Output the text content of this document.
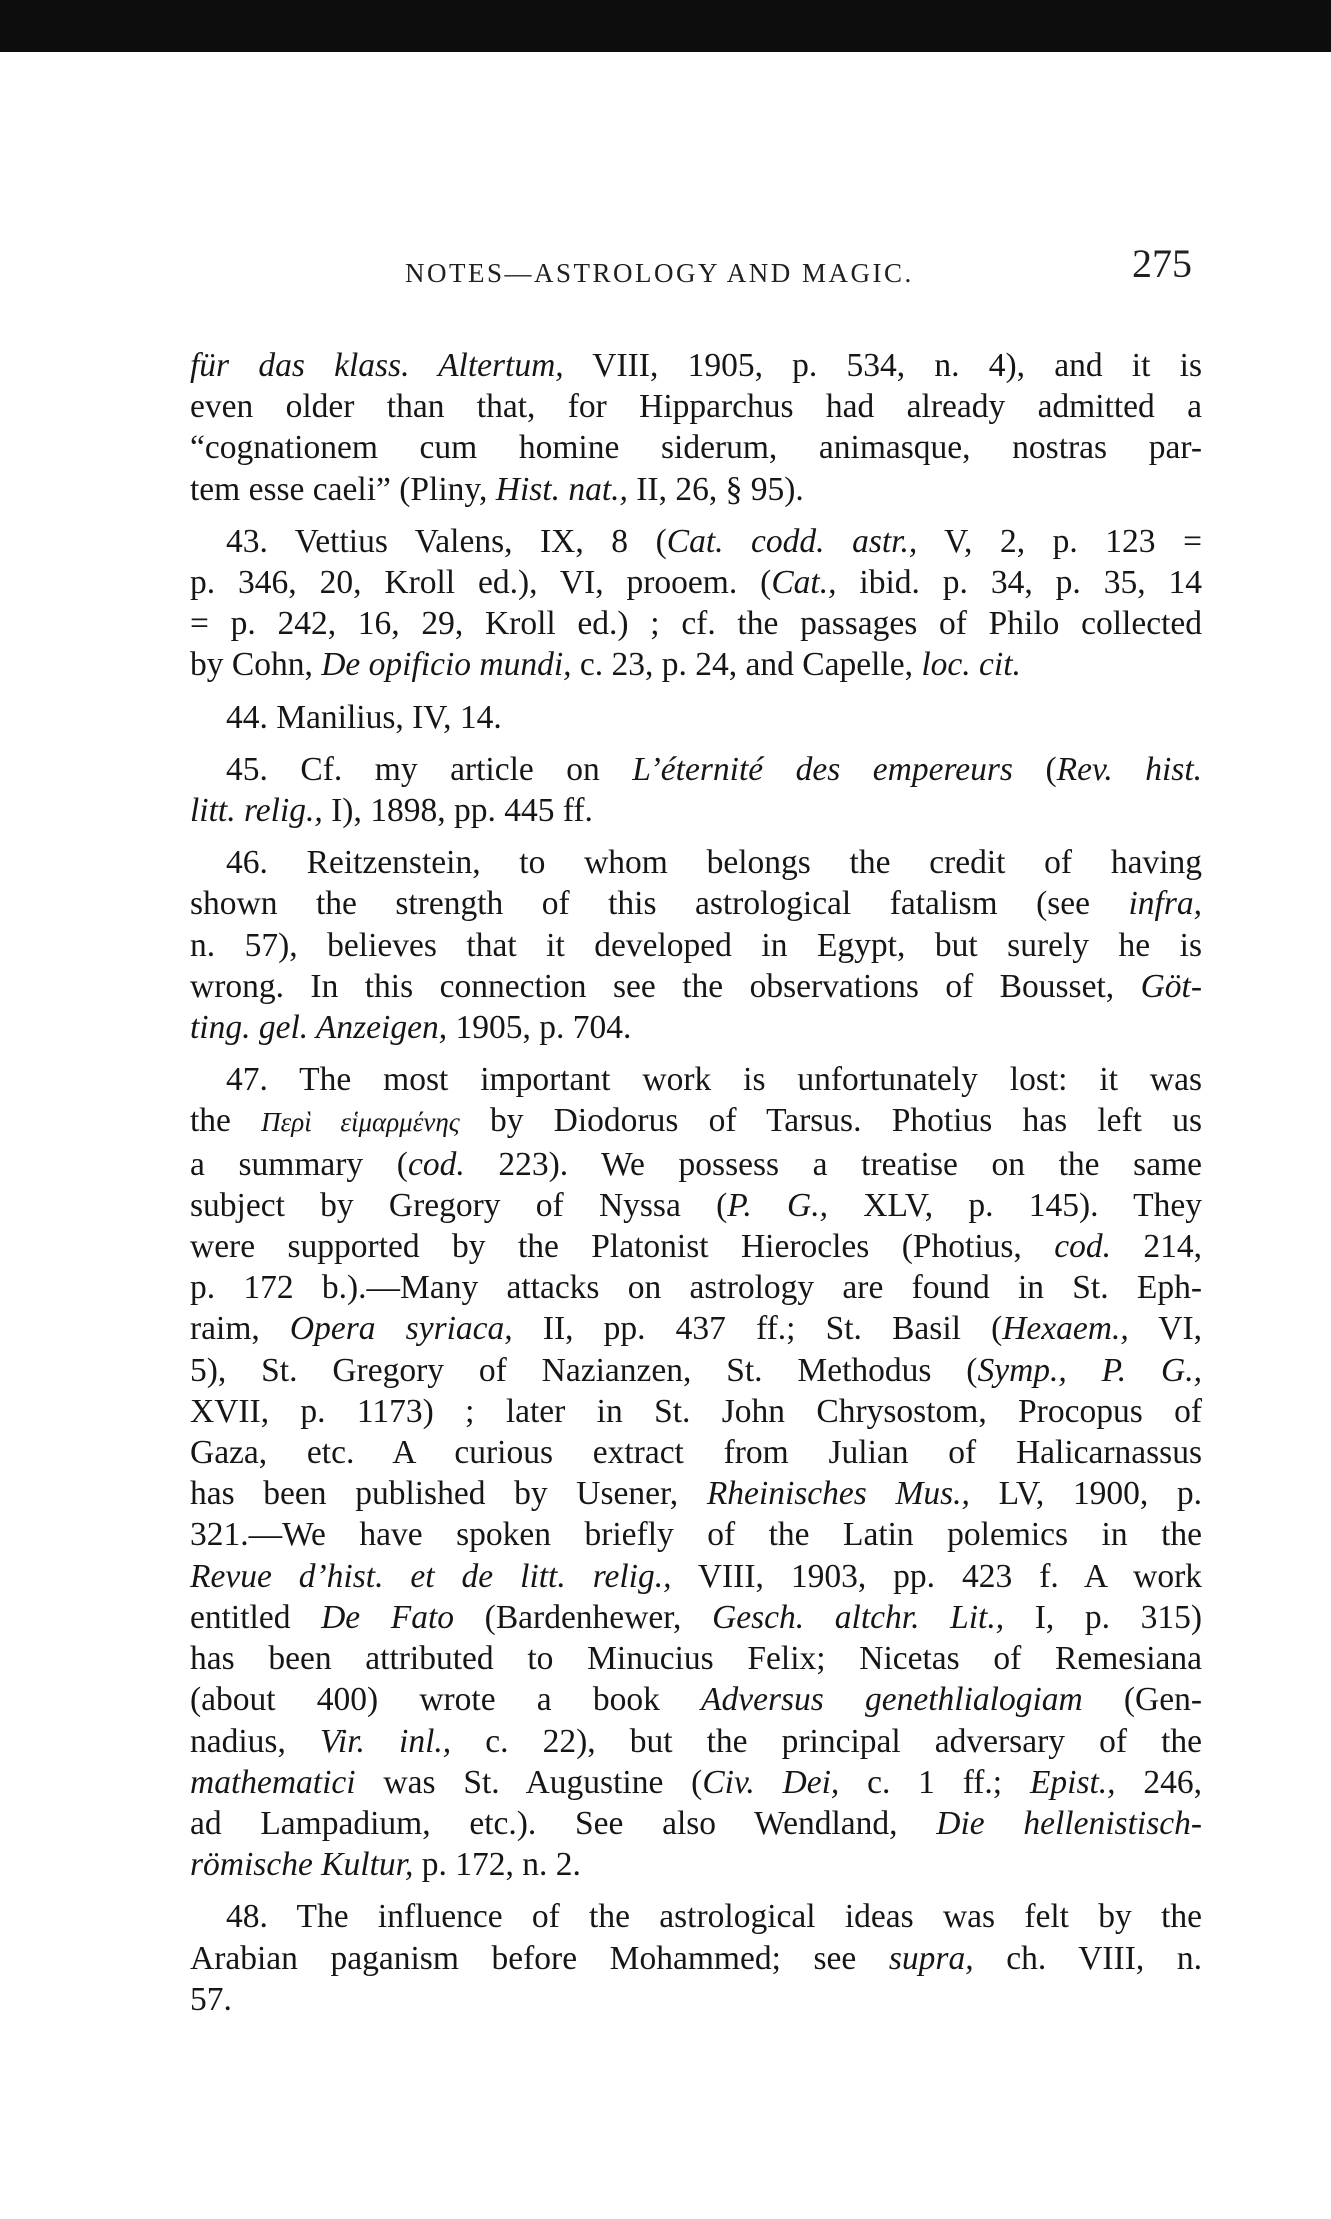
NOTES—ASTROLOGY AND MAGIC.	275
für das klass. Altertum, VIII, 1905, p. 534, n. 4), and it is
even older than that, for Hipparchus had already admitted a
“cognationem cum homine siderum, animasque, nostras par-
tem esse caeli” (Pliny, Hist. nat., II, 26, § 95).
43. Vettius Valens, IX, 8 (Cat. codd. astr., V, 2, p. 123 =
p. 346, 20, Kroll ed.), VI, prooem. (Cat., ibid. p. 34, p. 35, 14
= p. 242, 16, 29, Kroll ed.) ; cf. the passages of Philo collected
by Cohn, De opificio mundi, c. 23, p. 24, and Capelle, loc. cit.
44. Manilius, IV, 14.
45. Cf. my article on L’éternité des empereurs (Rev. hist.
litt. relig., I), 1898, pp. 445 ff.
46. Reitzenstein, to whom belongs the credit of having
shown the strength of this astrological fatalism (see infra,
n. 57), believes that it developed in Egypt, but surely he is
wrong. In this connection see the observations of Bousset, Göt-
ting. gel. Anzeigen, 1905, p. 704.
47. The most important work is unfortunately lost: it was
the Περὶ εἱμαρμένης by Diodorus of Tarsus. Photius has left us
a summary (cod. 223). We possess a treatise on the same
subject by Gregory of Nyssa (P. G., XLV, p. 145). They
were supported by the Platonist Hierocles (Photius, cod. 214,
p. 172 b.).—Many attacks on astrology are found in St. Eph-
raim, Opera syriaca, II, pp. 437 ff.; St. Basil (Hexaem., VI,
5), St. Gregory of Nazianzen, St. Methodus (Symp., P. G.,
XVII, p. 1173) ; later in St. John Chrysostom, Procopus of
Gaza, etc. A curious extract from Julian of Halicarnassus
has been published by Usener, Rheinisches Mus., LV, 1900, p.
321.—We have spoken briefly of the Latin polemics in the
Revue d’hist. et de litt. relig., VIII, 1903, pp. 423 f. A work
entitled De Fato (Bardenhewer, Gesch. altchr. Lit., I, p. 315)
has been attributed to Minucius Felix; Nicetas of Remesiana
(about 400) wrote a book Adversus genethlialogiam (Gen-
nadius, Vir. inl., c. 22), but the principal adversary of the
mathematici was St. Augustine (Civ. Dei, c. 1 ff.; Epist., 246,
ad Lampadium, etc.). See also Wendland, Die hellenistisch-
römische Kultur, p. 172, n. 2.
48. The influence of the astrological ideas was felt by the
Arabian paganism before Mohammed; see supra, ch. VIII, n.
57.
